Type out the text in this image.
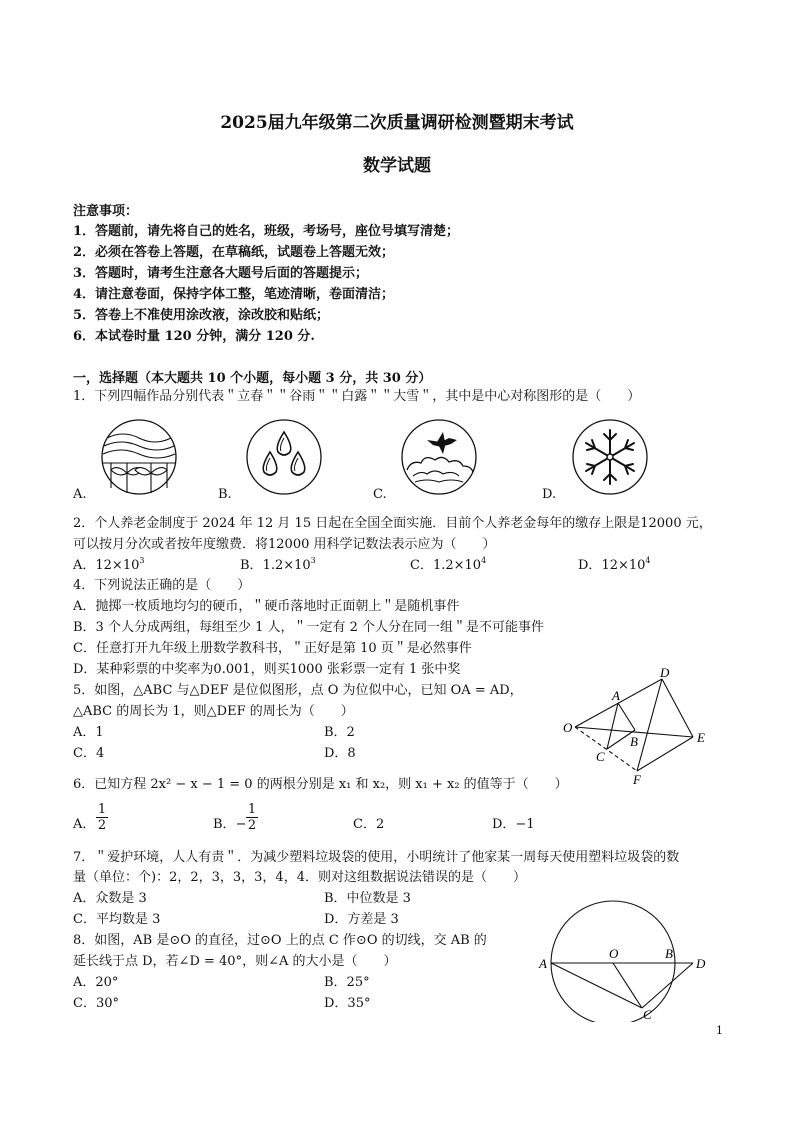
2025届九年级第二次质量调研检测暨期末考试
数学试题
注意事项：
1．答题前，请先将自己的姓名，班级，考场号，座位号填写清楚；
2．必须在答卷上答题，在草稿纸，试题卷上答题无效；
3．答题时，请考生注意各大题号后面的答题提示；
4．请注意卷面，保持字体工整，笔迹清晰，卷面清洁；
5．答卷上不准使用涂改液，涂改胶和贴纸；
6．本试卷时量 120 分钟，满分 120 分.
一，选择题（本大题共 10 个小题，每小题 3 分，共 30 分）
1．下列四幅作品分别代表＂立春＂＂谷雨＂＂白露＂＂大雪＂，其中是中心对称图形的是（　　）
A.	B.	C.	D.
2．个人养老金制度于 2024 年 12 月 15 日起在全国全面实施．目前个人养老金每年的缴存上限是12000 元，
可以按月分次或者按年度缴费．将12000 用科学记数法表示应为（　　）
A．$12\times 10^3$	B．$1.2\times 10^3$	C．$1.2\times 10^4$	D．$12\times 10^4$
4．下列说法正确的是（　　）
A．抛掷一枚质地均匀的硬币，＂硬币落地时正面朝上＂是随机事件
B．3 个人分成两组，每组至少 1 人，＂一定有 2 个人分在同一组＂是不可能事件
C．任意打开九年级上册数学教科书，＂正好是第 10 页＂是必然事件
D．某种彩票的中奖率为0.001，则买1000 张彩票一定有 1 张中奖
5．如图，△ABC 与△DEF 是位似图形，点 O 为位似中心，已知 OA = AD，
△ABC 的周长为 1，则△DEF 的周长为（　　）
A．1	B．2
C．4	D．8
O
A
B
C
D
E
F
6．已知方程 2x² − x − 1 = 0 的两根分别是 x₁ 和 x₂，则 x₁ + x₂ 的值等于（　　）
A． $\frac{1}{2}$	B．− $\frac{1}{2}$	C．2	D．−1
7．＂爱护环境，人人有责＂．为减少塑料垃圾袋的使用，小明统计了他家某一周每天使用塑料垃圾袋的数
量（单位：个)：2，2，3，3，3，4，4．则对这组数据说法错误的是（　　）
A．众数是 3	B．中位数是 3
C．平均数是 3	D．方差是 3
8．如图，AB 是⊙O 的直径，过⊙O 上的点 C 作⊙O 的切线，交 AB 的
延长线于点 D，若∠D = 40°，则∠A 的大小是（　　）
A．20°	B．25°
C．30°	D．35°
A
O	B
D
C
1
